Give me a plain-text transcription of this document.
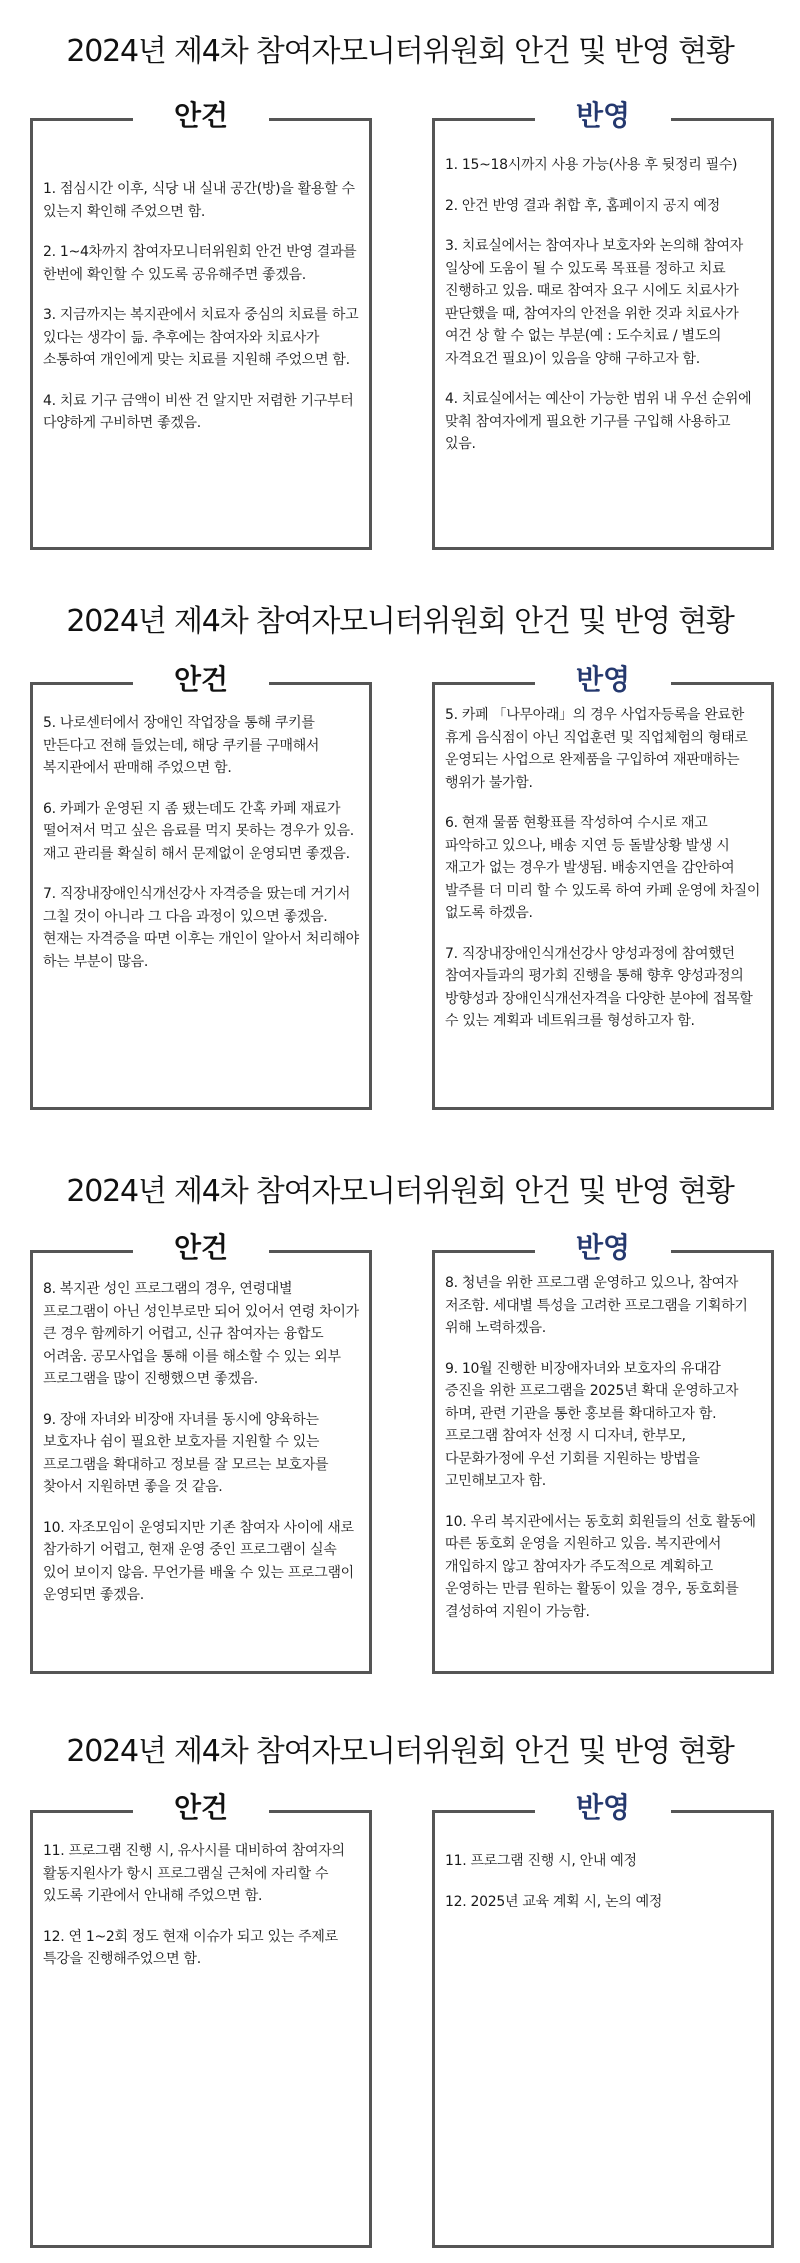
2024년 제4차 참여자모니터위원회 안건 및 반영 현황
안건
1. 점심시간 이후, 식당 내 실내 공간(방)을 활용할 수 있는지 확인해 주었으면 함.
2. 1~4차까지 참여자모니터위원회 안건 반영 결과를 한번에 확인할 수 있도록 공유해주면 좋겠음.
3. 지금까지는 복지관에서 치료자 중심의 치료를 하고 있다는 생각이 듦. 추후에는 참여자와 치료사가 소통하여 개인에게 맞는 치료를 지원해 주었으면 함.
4. 치료 기구 금액이 비싼 건 알지만 저렴한 기구부터 다양하게 구비하면 좋겠음.
반영
1. 15~18시까지 사용 가능(사용 후 뒷정리 필수)
2. 안건 반영 결과 취합 후, 홈페이지 공지 예정
3. 치료실에서는 참여자나 보호자와 논의해 참여자 일상에 도움이 될 수 있도록 목표를 정하고 치료 진행하고 있음. 때로 참여자 요구 시에도 치료사가 판단했을 때, 참여자의 안전을 위한 것과 치료사가 여건 상 할 수 없는 부분(예 : 도수치료 / 별도의 자격요건 필요)이 있음을 양해 구하고자 함.
4. 치료실에서는 예산이 가능한 범위 내 우선 순위에 맞춰 참여자에게 필요한 기구를 구입해 사용하고 있음.
2024년 제4차 참여자모니터위원회 안건 및 반영 현황
안건
5. 나로센터에서 장애인 작업장을 통해 쿠키를 만든다고 전해 들었는데, 해당 쿠키를 구매해서 복지관에서 판매해 주었으면 함.
6. 카페가 운영된 지 좀 됐는데도 간혹 카페 재료가 떨어져서 먹고 싶은 음료를 먹지 못하는 경우가 있음. 재고 관리를 확실히 해서 문제없이 운영되면 좋겠음.
7. 직장내장애인식개선강사 자격증을 땄는데 거기서 그칠 것이 아니라 그 다음 과정이 있으면 좋겠음. 현재는 자격증을 따면 이후는 개인이 알아서 처리해야 하는 부분이 많음.
반영
5. 카페 「나무아래」의 경우 사업자등록을 완료한 휴게 음식점이 아닌 직업훈련 및 직업체험의 형태로 운영되는 사업으로 완제품을 구입하여 재판매하는 행위가 불가함.
6. 현재 물품 현황표를 작성하여 수시로 재고 파악하고 있으나, 배송 지연 등 돌발상황 발생 시 재고가 없는 경우가 발생됨. 배송지연을 감안하여 발주를 더 미리 할 수 있도록 하여 카페 운영에 차질이 없도록 하겠음.
7. 직장내장애인식개선강사 양성과정에 참여했던 참여자들과의 평가회 진행을 통해 향후 양성과정의 방향성과 장애인식개선자격을 다양한 분야에 접목할 수 있는 계획과 네트워크를 형성하고자 함.
2024년 제4차 참여자모니터위원회 안건 및 반영 현황
안건
8. 복지관 성인 프로그램의 경우, 연령대별 프로그램이 아닌 성인부로만 되어 있어서 연령 차이가 큰 경우 함께하기 어렵고, 신규 참여자는 융합도 어려움. 공모사업을 통해 이를 해소할 수 있는 외부 프로그램을 많이 진행했으면 좋겠음.
9. 장애 자녀와 비장애 자녀를 동시에 양육하는 보호자나 쉼이 필요한 보호자를 지원할 수 있는 프로그램을 확대하고 정보를 잘 모르는 보호자를 찾아서 지원하면 좋을 것 같음.
10. 자조모임이 운영되지만 기존 참여자 사이에 새로 참가하기 어렵고, 현재 운영 중인 프로그램이 실속 있어 보이지 않음. 무언가를 배울 수 있는 프로그램이 운영되면 좋겠음.
반영
8. 청년을 위한 프로그램 운영하고 있으나, 참여자 저조함. 세대별 특성을 고려한 프로그램을 기획하기 위해 노력하겠음.
9. 10월 진행한 비장애자녀와 보호자의 유대감 증진을 위한 프로그램을 2025년 확대 운영하고자 하며, 관련 기관을 통한 홍보를 확대하고자 함. 프로그램 참여자 선정 시 디자녀, 한부모, 다문화가정에 우선 기회를 지원하는 방법을 고민해보고자 함.
10. 우리 복지관에서는 동호회 회원들의 선호 활동에 따른 동호회 운영을 지원하고 있음. 복지관에서 개입하지 않고 참여자가 주도적으로 계획하고 운영하는 만큼 원하는 활동이 있을 경우, 동호회를 결성하여 지원이 가능함.
2024년 제4차 참여자모니터위원회 안건 및 반영 현황
안건
11. 프로그램 진행 시, 유사시를 대비하여 참여자의 활동지원사가 항시 프로그램실 근처에 자리할 수 있도록 기관에서 안내해 주었으면 함.
12. 연 1~2회 정도 현재 이슈가 되고 있는 주제로 특강을 진행해주었으면 함.
반영
11. 프로그램 진행 시, 안내 예정
12. 2025년 교육 계획 시, 논의 예정
